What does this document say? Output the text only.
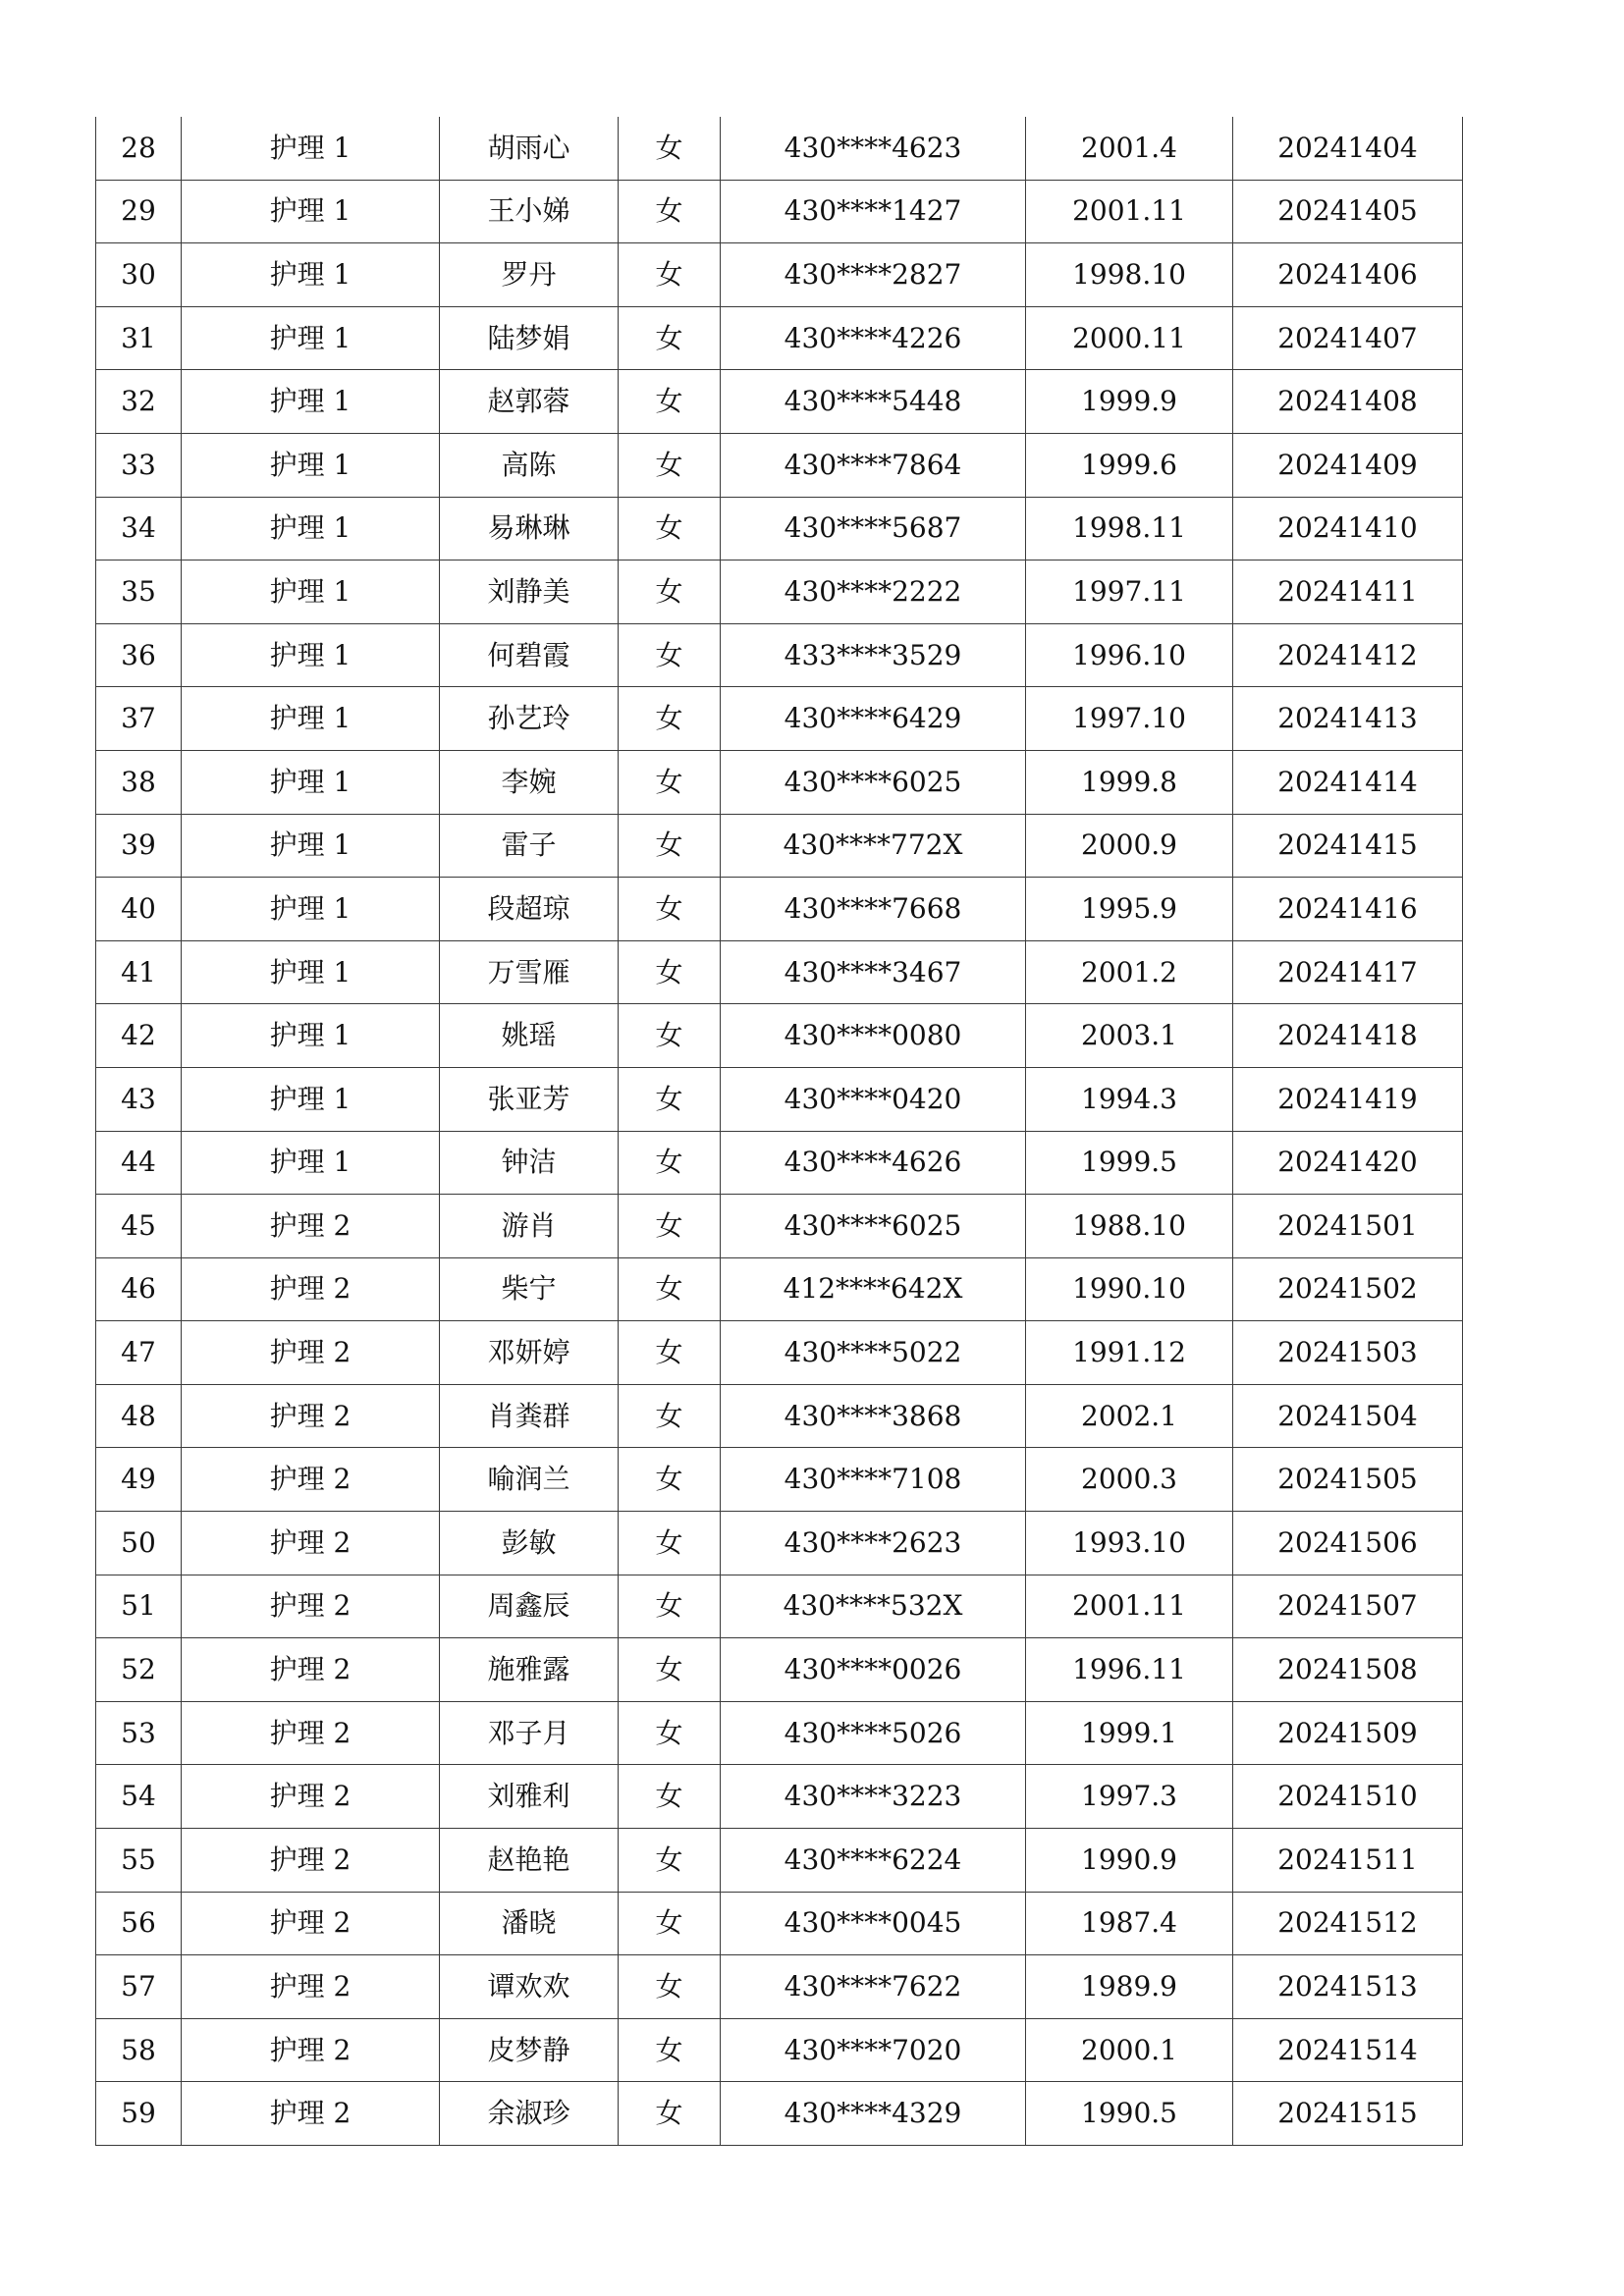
28	护理 1	胡雨心	女	430****4623	2001.4	20241404
29	护理 1	王小娣	女	430****1427	2001.11	20241405
30	护理 1	罗丹	女	430****2827	1998.10	20241406
31	护理 1	陆梦娟	女	430****4226	2000.11	20241407
32	护理 1	赵郭蓉	女	430****5448	1999.9	20241408
33	护理 1	高陈	女	430****7864	1999.6	20241409
34	护理 1	易琳琳	女	430****5687	1998.11	20241410
35	护理 1	刘静美	女	430****2222	1997.11	20241411
36	护理 1	何碧霞	女	433****3529	1996.10	20241412
37	护理 1	孙艺玲	女	430****6429	1997.10	20241413
38	护理 1	李婉	女	430****6025	1999.8	20241414
39	护理 1	雷子	女	430****772X	2000.9	20241415
40	护理 1	段超琼	女	430****7668	1995.9	20241416
41	护理 1	万雪雁	女	430****3467	2001.2	20241417
42	护理 1	姚瑶	女	430****0080	2003.1	20241418
43	护理 1	张亚芳	女	430****0420	1994.3	20241419
44	护理 1	钟洁	女	430****4626	1999.5	20241420
45	护理 2	游肖	女	430****6025	1988.10	20241501
46	护理 2	柴宁	女	412****642X	1990.10	20241502
47	护理 2	邓妍婷	女	430****5022	1991.12	20241503
48	护理 2	肖粪群	女	430****3868	2002.1	20241504
49	护理 2	喻润兰	女	430****7108	2000.3	20241505
50	护理 2	彭敏	女	430****2623	1993.10	20241506
51	护理 2	周鑫辰	女	430****532X	2001.11	20241507
52	护理 2	施雅露	女	430****0026	1996.11	20241508
53	护理 2	邓子月	女	430****5026	1999.1	20241509
54	护理 2	刘雅利	女	430****3223	1997.3	20241510
55	护理 2	赵艳艳	女	430****6224	1990.9	20241511
56	护理 2	潘晓	女	430****0045	1987.4	20241512
57	护理 2	谭欢欢	女	430****7622	1989.9	20241513
58	护理 2	皮梦静	女	430****7020	2000.1	20241514
59	护理 2	余淑珍	女	430****4329	1990.5	20241515
